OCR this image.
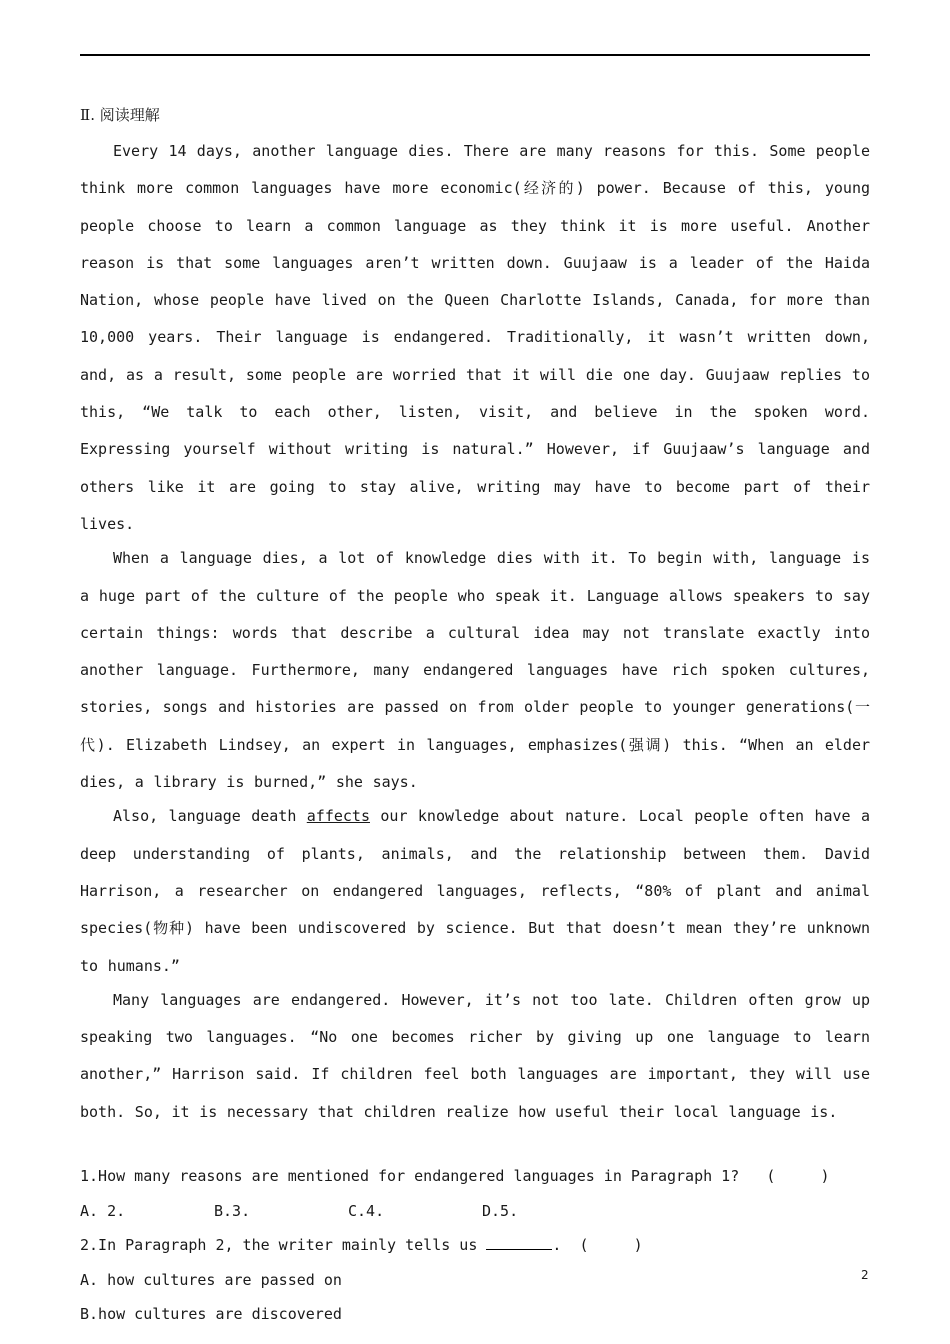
Ⅱ. 阅读理解

Every 14 days, another language dies. There are many reasons for this. Some people think more common languages have more economic(经济的) power. Because of this, young people choose to learn a common language as they think it is more useful. Another reason is that some languages aren’t written down. Guujaaw is a leader of the Haida Nation, whose people have lived on the Queen Charlotte Islands, Canada, for more than 10,000 years. Their language is endangered. Traditionally, it wasn’t written down, and, as a result, some people are worried that it will die one day. Guujaaw replies to this, “We talk to each other, listen, visit, and believe in the spoken word. Expressing yourself without writing is natural.” However, if Guujaaw’s language and others like it are going to stay alive, writing may have to become part of their lives.

When a language dies, a lot of knowledge dies with it. To begin with, language is a huge part of the culture of the people who speak it. Language allows speakers to say certain things: words that describe a cultural idea may not translate exactly into another language. Furthermore, many endangered languages have rich spoken cultures, stories, songs and histories are passed on from older people to younger generations(一代). Elizabeth Lindsey, an expert in languages, emphasizes(强调) this. “When an elder dies, a library is burned,” she says.

Also, language death affects our knowledge about nature. Local people often have a deep understanding of plants, animals, and the relationship between them. David Harrison, a researcher on endangered languages, reflects, “80% of plant and animal species(物种) have been undiscovered by science. But that doesn’t mean they’re unknown to humans.”

Many languages are endangered. However, it’s not too late. Children often grow up speaking two languages. “No one becomes richer by giving up one language to learn another,” Harrison said. If children feel both languages are important, they will use both. So, it is necessary that children realize how useful their local language is.

1.How many reasons are mentioned for endangered languages in Paragraph 1? (     )
A. 2.	B.3.	C.4.	D.5.
2.In Paragraph 2, the writer mainly tells us	. (     )
A. how cultures are passed on
B.how cultures are discovered
2
